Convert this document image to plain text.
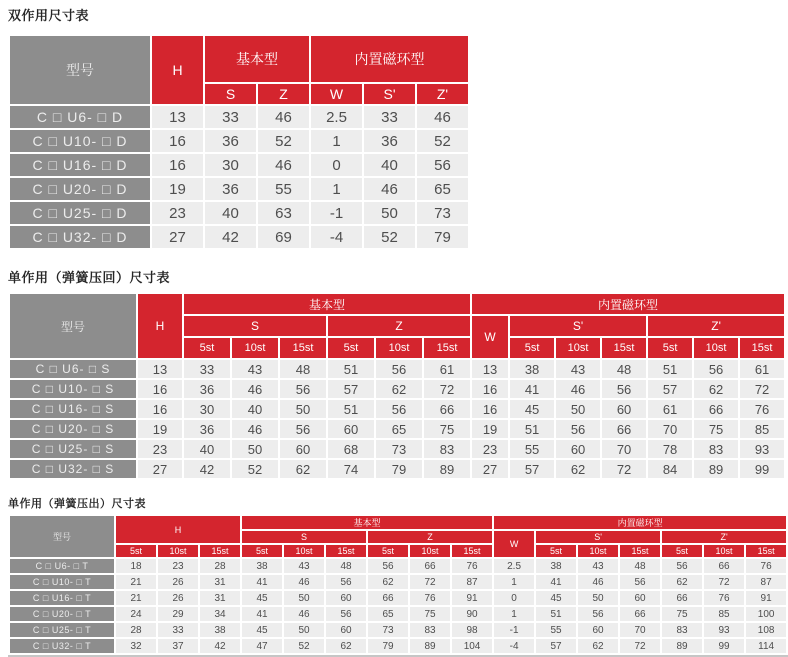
双作用尺寸表
型号	H	基本型		内置磁环型		
		S	Z	W	S'	Z'
C □ U6- □ D	13	33	46	2.5	33	46
C □ U10- □ D	16	36	52	1	36	52
C □ U16- □ D	16	30	46	0	40	56
C □ U20- □ D	19	36	55	1	46	65
C □ U25- □ D	23	40	63	-1	50	73
C □ U32- □ D	27	42	69	-4	52	79
单作用（弹簧压回）尺寸表
型号	H	基本型						内置磁环型						
		S			Z			W	S'			Z'		
		5st	10st	15st	5st	10st	15st		5st	10st	15st	5st	10st	15st
C □ U6- □ S	13	33	43	48	51	56	61	13	38	43	48	51	56	61
C □ U10- □ S	16	36	46	56	57	62	72	16	41	46	56	57	62	72
C □ U16- □ S	16	30	40	50	51	56	66	16	45	50	60	61	66	76
C □ U20- □ S	19	36	46	56	60	65	75	19	51	56	66	70	75	85
C □ U25- □ S	23	40	50	60	68	73	83	23	55	60	70	78	83	93
C □ U32- □ S	27	42	52	62	74	79	89	27	57	62	72	84	89	99
单作用（弹簧压出）尺寸表
型号	H			基本型						内置磁环型						
				S			Z			W	S'			Z'		
	5st	10st	15st	5st	10st	15st	5st	10st	15st		5st	10st	15st	5st	10st	15st
C □ U6- □ T	18	23	28	38	43	48	56	66	76	2.5	38	43	48	56	66	76
C □ U10- □ T	21	26	31	41	46	56	62	72	87	1	41	46	56	62	72	87
C □ U16- □ T	21	26	31	45	50	60	66	76	91	0	45	50	60	66	76	91
C □ U20- □ T	24	29	34	41	46	56	65	75	90	1	51	56	66	75	85	100
C □ U25- □ T	28	33	38	45	50	60	73	83	98	-1	55	60	70	83	93	108
C □ U32- □ T	32	37	42	47	52	62	79	89	104	-4	57	62	72	89	99	114
